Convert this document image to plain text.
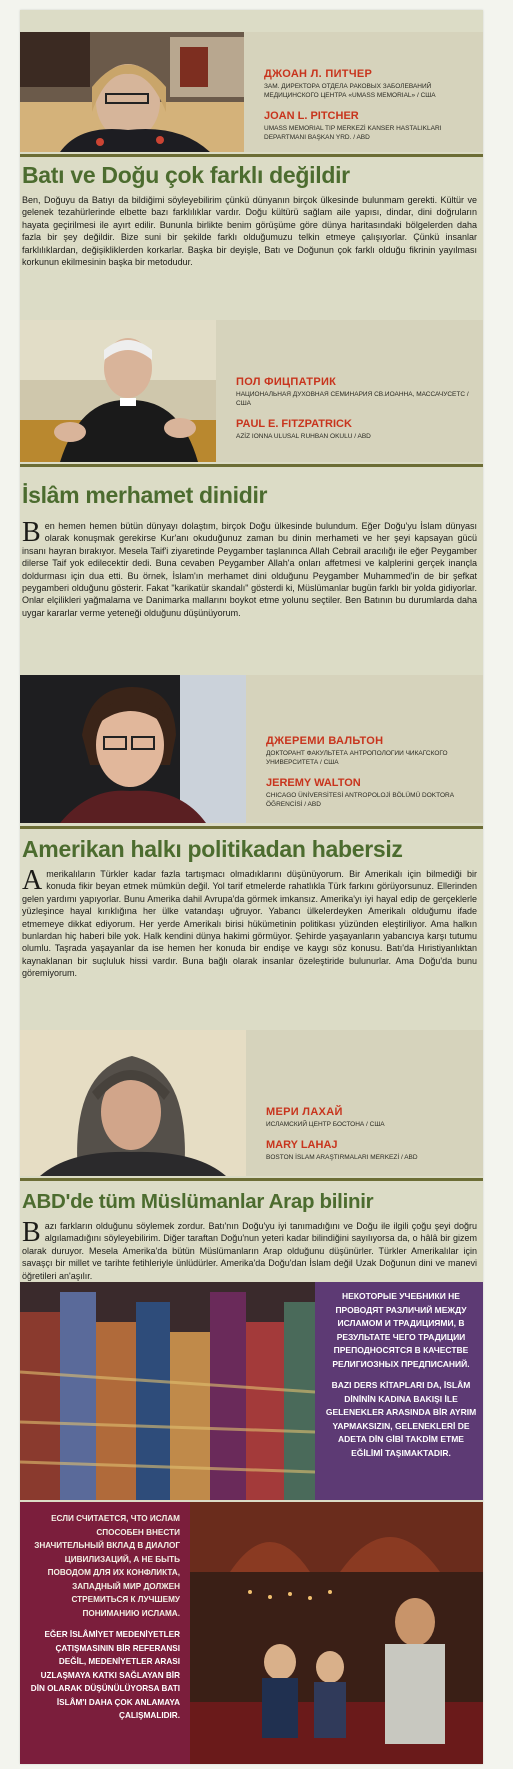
ДЖОАН Л. ПИТЧЕР
ЗАМ. ДИРЕКТОРА ОТДЕЛА РАКОВЫХ ЗАБОЛЕВАНИЙ МЕДИЦИНСКОГО ЦЕНТРА «UMASS MEMORIAL» / США
JOAN L. PITCHER
UMASS MEMORIAL TIP MERKEZİ KANSER HASTALIKLARI DEPARTMANI BAŞKAN YRD. / ABD
Batı ve Doğu çok farklı değildir
Ben, Doğuyu da Batıyı da bildiğimi söyleyebilirim çünkü dünyanın birçok ülkesinde bulunmam gerekti. Kültür ve gelenek tezahürlerinde elbette bazı farklılıklar vardır. Doğu kültürü sağlam aile yapısı, dindar, dini doğruların hayata geçirilmesi ile ayırt edilir. Bununla birlikte benim görüşüme göre dünya haritasındaki bölgelerden daha fazla bir şey değildir. Bize suni bir şekilde farklı olduğumuzu telkin etmeye çalışıyorlar. Çünkü insanlar farklılıklardan, değişikliklerden korkarlar. Başka bir deyişle, Batı ve Doğunun çok farklı olduğu fikrinin yayılması korkunun ekilmesinin başka bir metodudur.
ПОЛ ФИЦПАТРИК
НАЦИОНАЛЬНАЯ ДУХОВНАЯ СЕМИНАРИЯ СВ.ИОАННА, МАССАЧУСЕТС / США
PAUL E. FITZPATRICK
AZİZ IONNA ULUSAL RUHBAN OKULU / ABD
İslâm merhamet dinidir
Ben hemen hemen bütün dünyayı dolaştım, birçok Doğu ülkesinde bulundum. Eğer Doğu'yu İslam dünyası olarak konuşmak gerekirse Kur'anı okuduğunuz zaman bu dinin merhameti ve her şeyi kapsayan gücü insanı hayran bırakıyor. Mesela Taif'i ziyaretinde Peygamber taşlanınca Allah Cebrail aracılığı ile eğer Peygamber dilerse Taif yok edilecektir dedi. Buna cevaben Peygamber Allah'a onları affetmesi ve kalplerini gerçek inançla doldurması için dua etti. Bu örnek, İslam'ın merhamet dini olduğunu Peygamber Muhammed'in de bir şefkat peygamberi olduğunu gösterir. Fakat "karikatür skandalı" gösterdi ki, Müslümanlar bugün farklı bir yolda gidiyorlar. Onlar elçilikleri yağmalama ve Danimarka mallarını boykot etme yolunu seçtiler. Ben Batının bu durumlarda daha uygar kararlar verme yeteneği olduğunu düşünüyorum.
ДЖЕРЕМИ ВАЛЬТОН
ДОКТОРАНТ ФАКУЛЬТЕТА АНТРОПОЛОГИИ ЧИКАГСКОГО УНИВЕРСИТЕТА / США
JEREMY WALTON
CHICAGO ÜNİVERSİTESİ ANTROPOLOJİ BÖLÜMÜ DOKTORA ÖĞRENCİSİ / ABD
Amerikan halkı politikadan habersiz
Amerikalıların Türkler kadar fazla tartışmacı olmadıklarını düşünüyorum. Bir Amerikalı için bilmediği bir konuda fikir beyan etmek mümkün değil. Yol tarif etmelerde rahatlıkla Türk farkını görüyorsunuz. Ellerinden gelen yardımı yapıyorlar. Bunu Amerika dahil Avrupa'da görmek imkansız. Amerika'yı iyi hayal edip de gerçeklerle yüzleşince hayal kırıklığına her ülke vatandaşı uğruyor. Yabancı ülkelerdeyken Amerikalı olduğumu ifade etmemeye dikkat ediyorum. Her yerde Amerikalı birisi hükümetinin politikası yüzünden eleştiriliyor. Ama halkın bunlardan hiç haberi bile yok. Halk kendini dünya hakimi görmüyor. Şehirde yaşayanların yabancıya karşı tutumu olumlu. Taşrada yaşayanlar da ise hemen her konuda bir endişe ve kaygı söz konusu. Batı'da Hıristiyanlıktan kaynaklanan bir suçluluk hissi vardır. Buna bağlı olarak insanlar özeleştiride bulunurlar. Ama Doğu'da bunu göremiyorum.
МЕРИ ЛАХАЙ
ИСЛАМСКИЙ ЦЕНТР БОСТОНА / США
MARY LAHAJ
BOSTON İSLAM ARAŞTIRMALARI MERKEZİ / ABD
ABD'de tüm Müslümanlar Arap bilinir
Bazı farkların olduğunu söylemek zordur. Batı'nın Doğu'yu iyi tanımadığını ve Doğu ile ilgili çoğu şeyi doğru algılamadığını söyleyebilirim. Diğer taraftan Doğu'nun yeteri kadar bilindiğini sayılıyorsa da, o hâlâ bir gizem olarak duruyor. Mesela Amerika'da bütün Müslümanların Arap olduğunu düşünürler. Türkler Amerikalılar için savaşçı bir millet ve tarihte fetihleriyle ünlüdürler. Amerika'da Doğu'dan İslam değil Uzak Doğunun dini ve manevi öğretileri an'aşılır.
НЕКОТОРЫЕ УЧЕБНИКИ НЕ ПРОВОДЯТ РАЗЛИЧИЙ МЕЖДУ ИСЛАМОМ И ТРАДИЦИЯМИ, В РЕЗУЛЬТАТЕ ЧЕГО ТРАДИЦИИ ПРЕПОДНОСЯТСЯ В КАЧЕСТВЕ РЕЛИГИОЗНЫХ ПРЕДПИСАНИЙ.
BAZI DERS KİTAPLARI DA, İSLÂM DİNİNİN KADINA BAKIŞI İLE GELENEKLER ARASINDA BİR AYRIM YAPMAKSIZIN, GELENEKLERİ DE ADETA DİN GİBİ TAKDİM ETME EĞİLİMİ TAŞIMAKTADIR.
ЕСЛИ СЧИТАЕТСЯ, ЧТО ИСЛАМ СПОСОБЕН ВНЕСТИ ЗНАЧИТЕЛЬНЫЙ ВКЛАД В ДИАЛОГ ЦИВИЛИЗАЦИЙ, А НЕ БЫТЬ ПОВОДОМ ДЛЯ ИХ КОНФЛИКТА, ЗАПАДНЫЙ МИР ДОЛЖЕН СТРЕМИТЬСЯ К ЛУЧШЕМУ ПОНИМАНИЮ ИСЛАМА.
EĞER İSLÂMİYET MEDENİYETLER ÇATIŞMASININ BİR REFERANSI DEĞİL, MEDENİYETLER ARASI UZLAŞMAYA KATKI SAĞLAYAN BİR DİN OLARAK DÜŞÜNÜLÜYORSA BATI İSLÂM'I DAHA ÇOK ANLAMAYA ÇALIŞMALIDIR.
